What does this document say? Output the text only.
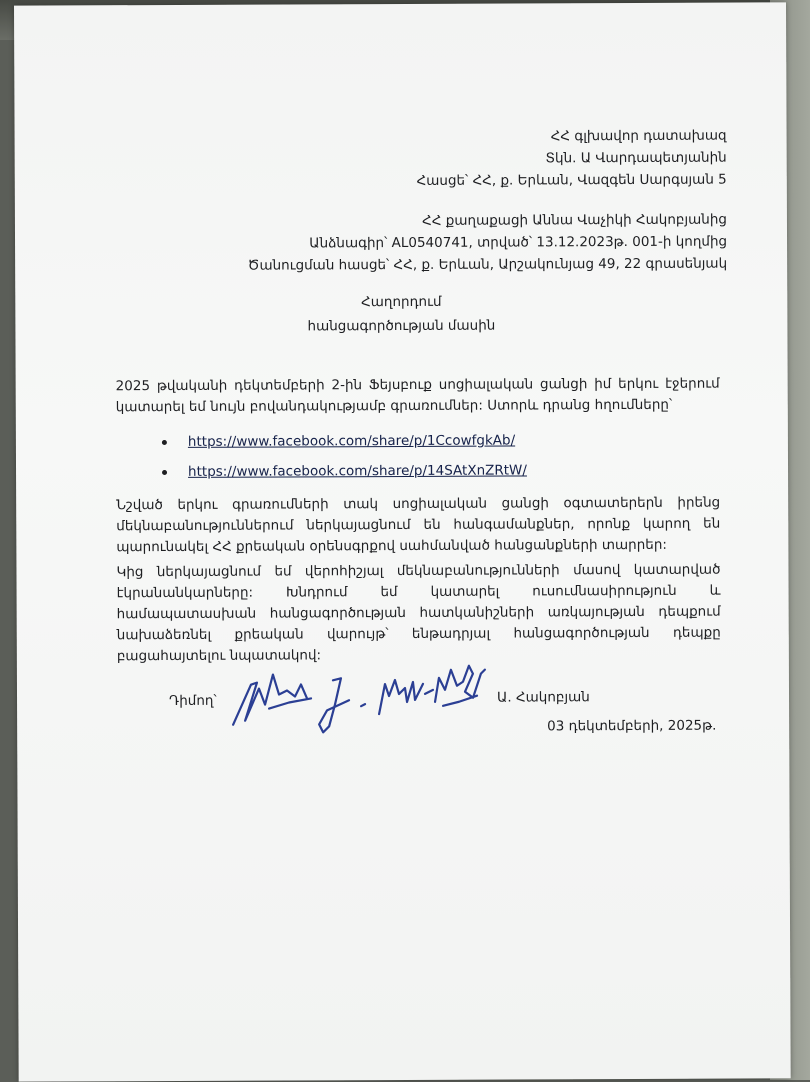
ՀՀ գլխավոր դատախազ
Տկն. Ա Վարդապետյանին
Հասցե՝ ՀՀ, ք. Երևան, Վազգեն Սարգսյան 5
ՀՀ քաղաքացի Աննա Վաչիկի Հակոբյանից
Անձնագիր՝ AL0540741, տրված՝ 13.12.2023թ. 001-ի կողմից
Ծանուցման հասցե՝ ՀՀ, ք. Երևան, Արշակունյաց 49, 22 գրասենյակ
Հաղորդում
հանցագործության մասին
2025 թվականի դեկտեմբերի 2-ին Ֆեյսբուք սոցիալական ցանցի իմ երկու էջերում կատարել եմ նույն բովանդակությամբ գրառումներ: Ստորև դրանց հղումները՝
https://www.facebook.com/share/p/1CcowfgkAb/
https://www.facebook.com/share/p/14SAtXnZRtW/
Նշված երկու գրառումների տակ սոցիալական ցանցի օգտատերերն իրենց մեկնաբանություններում ներկայացնում են հանգամանքներ, որոնք կարող են պարունակել ՀՀ քրեական օրենսգրքով սահմանված հանցանքների տարրեր:
Կից ներկայացնում եմ վերոհիշյալ մեկնաբանությունների մասով կատարված էկրանանկարները: Խնդրում եմ կատարել ուսումնասիրություն և համապատասխան հանցագործության հատկանիշների առկայության դեպքում նախաձեռնել քրեական վարույթ՝ ենթադրյալ հանցագործության դեպքը բացահայտելու նպատակով:
Դիմող՝	Ա. Հակոբյան
03 դեկտեմբերի, 2025թ.
